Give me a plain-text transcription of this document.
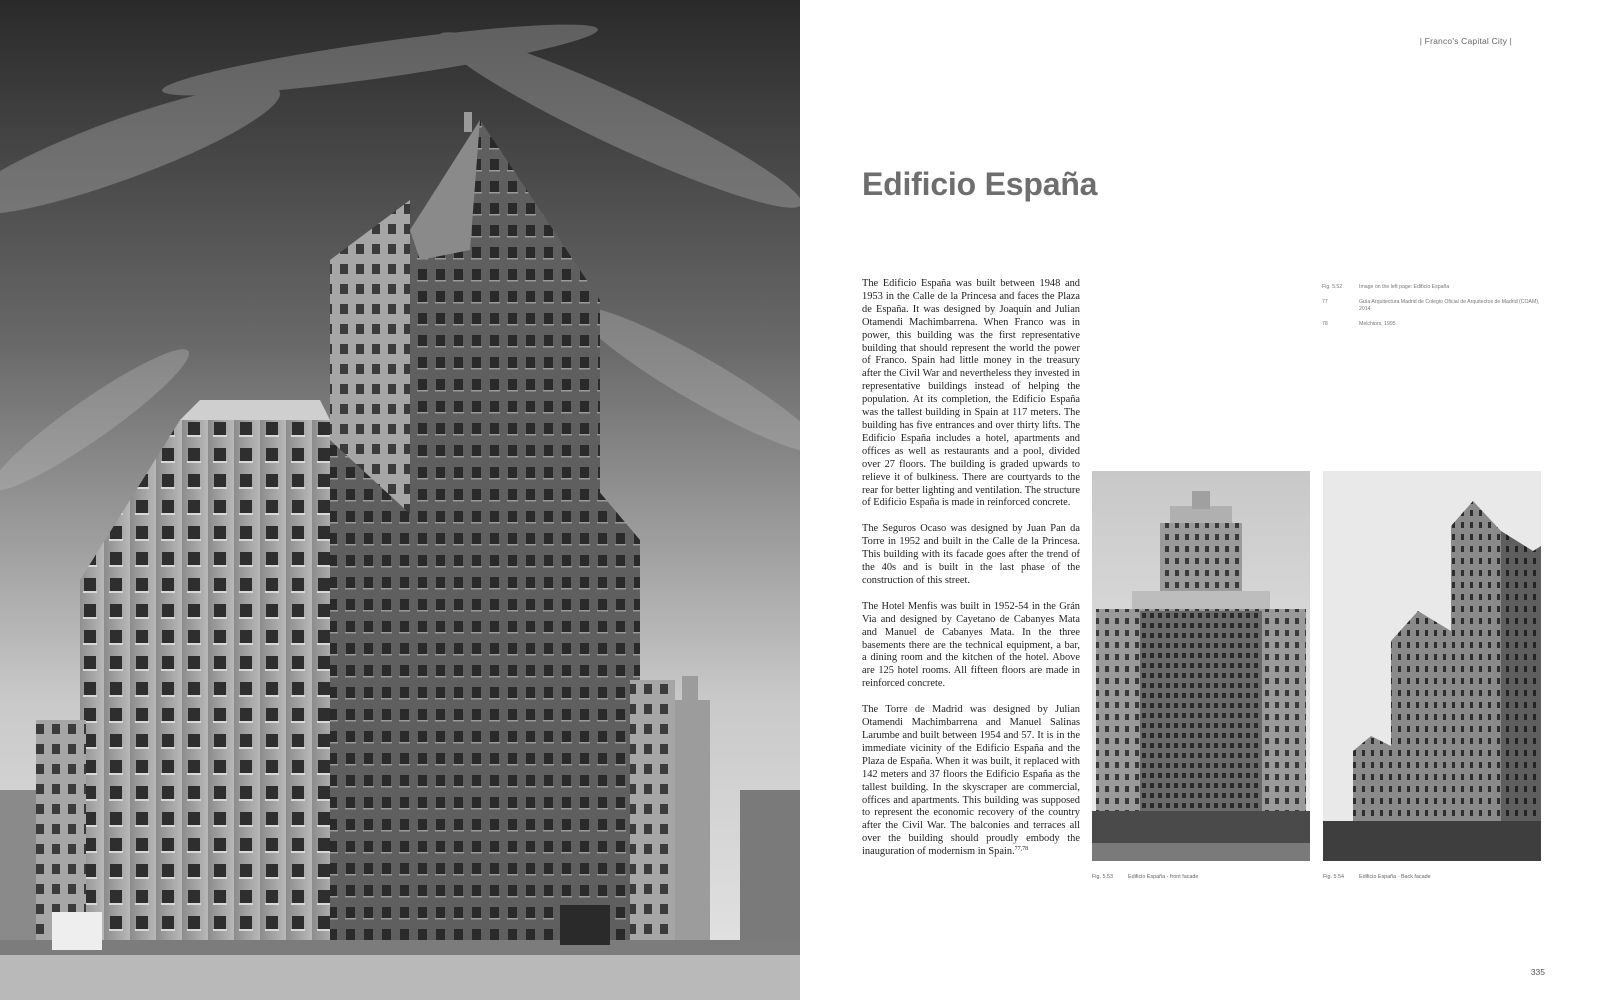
| Franco's Capital City |
Edificio España

The Edificio España was built between 1948 and 1953 in the Calle de la Princesa and faces the Plaza de España. It was designed by Joaquin and Julian Otamendi Machimbarrena. When Franco was in power, this building was the first representative building that should represent the world the power of Franco. Spain had little money in the treasury after the Civil War and nevertheless they invested in representative buildings instead of helping the population. At its completion, the Edificio España was the tallest building in Spain at 117 meters. The building has five entrances and over thirty lifts. The Edificio España includes a hotel, apartments and offices as well as restaurants and a pool, divided over 27 floors. The building is graded upwards to relieve it of bulkiness. There are courtyards to the rear for better lighting and ventilation. The structure of Edificio España is made in reinforced concrete.

The Seguros Ocaso was designed by Juan Pan da Torre in 1952 and built in the Calle de la Princesa. This building with its facade goes after the trend of the 40s and is built in the last phase of the construction of this street.

The Hotel Menfis was built in 1952-54 in the Grán Via and designed by Cayetano de Cabanyes Mata and Manuel de Cabanyes Mata. In the three basements there are the technical equipment, a bar, a dining room and the kitchen of the hotel. Above are 125 hotel rooms. All fifteen floors are made in reinforced concrete.

The Torre de Madrid was designed by Julian Otamendi Machimbarrena and Manuel Salinas Larumbe and built between 1954 and 57. It is in the immediate vicinity of the Edificio España and the Plaza de España. When it was built, it replaced with 142 meters and 37 floors the Edificio España as the tallest building. In the skyscraper are commercial, offices and apartments. This building was supposed to represent the economic recovery of the country after the Civil War. The balconies and terraces all over the building should proudly embody the inauguration of modernism in Spain.$^{77,78}$

Fig. 5.52	Image on the left page: Edificio España
77	Guía Arquitectura Madrid de Colegio Oficial de Arquitectos de Madrid (COAM), 2014
78	Melchiors, 1995
Fig. 5.53	Edificio España - front facade	Fig. 5.54	Edificio España - Back facade
335
